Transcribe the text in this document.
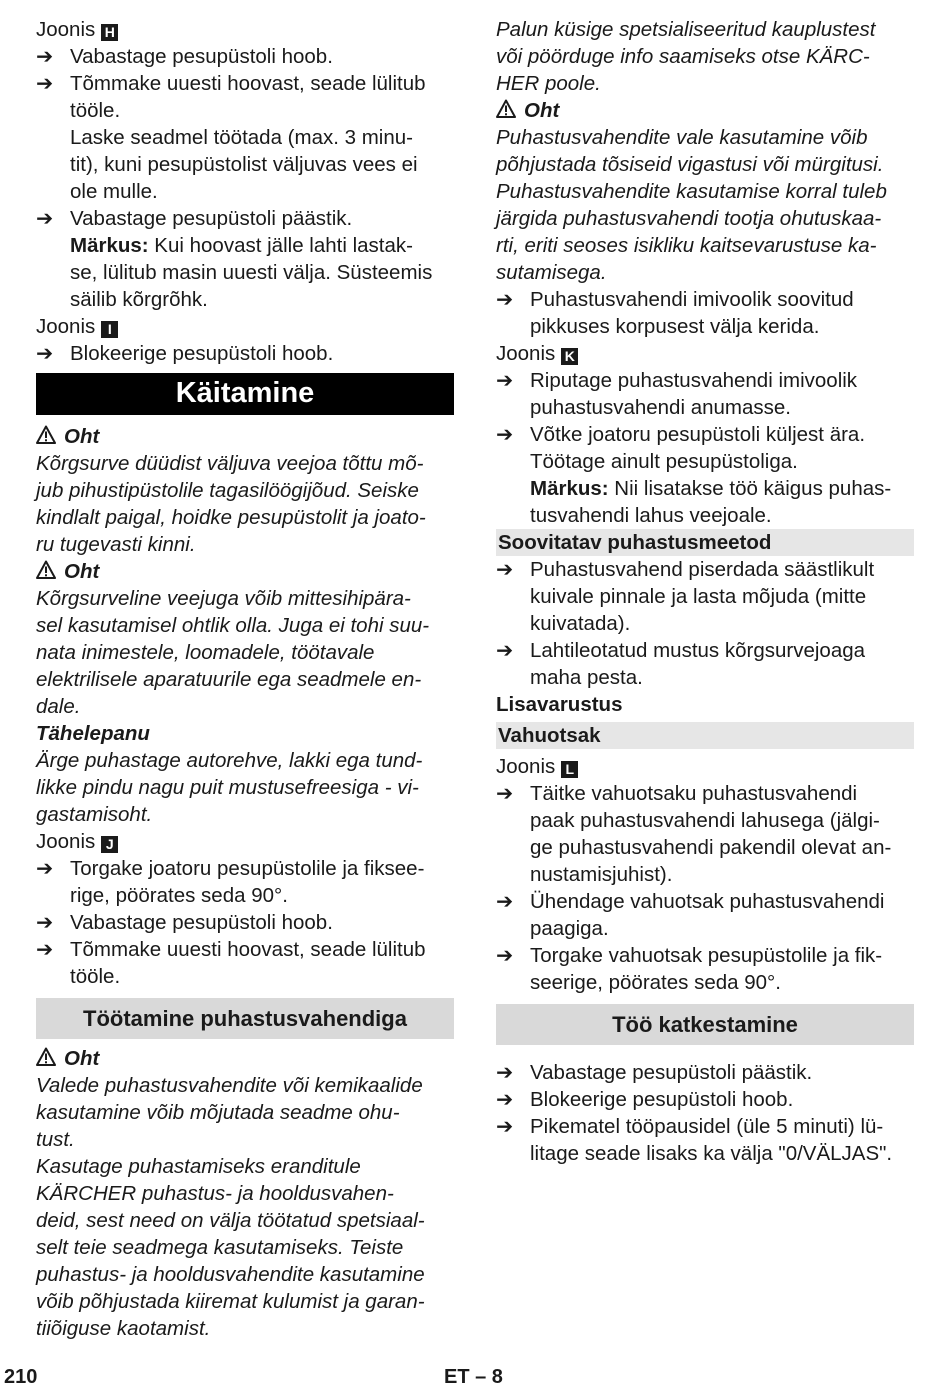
Joonis H
➔ Vabastage pesupüstoli hoob.
➔ Tõmmake uuesti hoovast, seade lülitub
tööle.
Laske seadmel töötada (max. 3 minu-
tit), kuni pesupüstolist väljuvas vees ei
ole mulle.
➔ Vabastage pesupüstoli päästik.
Märkus: Kui hoovast jälle lahti lastak-
se, lülitub masin uuesti välja. Süsteemis
säilib kõrgrõhk.
Joonis I
➔ Blokeerige pesupüstoli hoob.
Käitamine
Oht
Kõrgsurve düüdist väljuva veejoa tõttu mõ-
jub pihustipüstolile tagasilöögijõud. Seiske
kindlalt paigal, hoidke pesupüstolit ja joato-
ru tugevasti kinni.
Oht
Kõrgsurveline veejuga võib mittesihipära-
sel kasutamisel ohtlik olla. Juga ei tohi suu-
nata inimestele, loomadele, töötavale
elektrilisele aparatuurile ega seadmele en-
dale.
Tähelepanu
Ärge puhastage autorehve, lakki ega tund-
likke pindu nagu puit mustusefreesiga - vi-
gastamisoht.
Joonis J
➔ Torgake joatoru pesupüstolile ja fiksee-
rige, pöörates seda 90°.
➔ Vabastage pesupüstoli hoob.
➔ Tõmmake uuesti hoovast, seade lülitub
tööle.
Töötamine puhastusvahendiga
Oht
Valede puhastusvahendite või kemikaalide
kasutamine võib mõjutada seadme ohu-
tust.
Kasutage puhastamiseks eranditule
KÄRCHER puhastus- ja hooldusvahen-
deid, sest need on välja töötatud spetsiaal-
selt teie seadmega kasutamiseks. Teiste
puhastus- ja hooldusvahendite kasutamine
võib põhjustada kiiremat kulumist ja garan-
tiiõiguse kaotamist.
Palun küsige spetsialiseeritud kauplustest
või pöörduge info saamiseks otse KÄRC-
HER poole.
Oht
Puhastusvahendite vale kasutamine võib
põhjustada tõsiseid vigastusi või mürgitusi.
Puhastusvahendite kasutamise korral tuleb
järgida puhastusvahendi tootja ohutuskaa-
rti, eriti seoses isikliku kaitsevarustuse ka-
sutamisega.
➔ Puhastusvahendi imivoolik soovitud
pikkuses korpusest välja kerida.
Joonis K
➔ Riputage puhastusvahendi imivoolik
puhastusvahendi anumasse.
➔ Võtke joatoru pesupüstoli küljest ära.
Töötage ainult pesupüstoliga.
Märkus: Nii lisatakse töö käigus puhas-
tusvahendi lahus veejoale.
Soovitatav puhastusmeetod
➔ Puhastusvahend piserdada säästlikult
kuivale pinnale ja lasta mõjuda (mitte
kuivatada).
➔ Lahtileotatud mustus kõrgsurvejoaga
maha pesta.
Lisavarustus
Vahuotsak
Joonis L
➔ Täitke vahuotsaku puhastusvahendi
paak puhastusvahendi lahusega (jälgi-
ge puhastusvahendi pakendil olevat an-
nustamisjuhist).
➔ Ühendage vahuotsak puhastusvahendi
paagiga.
➔ Torgake vahuotsak pesupüstolile ja fik-
seerige, pöörates seda 90°.
Töö katkestamine
➔ Vabastage pesupüstoli päästik.
➔ Blokeerige pesupüstoli hoob.
➔ Pikematel tööpausidel (üle 5 minuti) lü-
litage seade lisaks ka välja "0/VÄLJAS".
210	ET – 8
